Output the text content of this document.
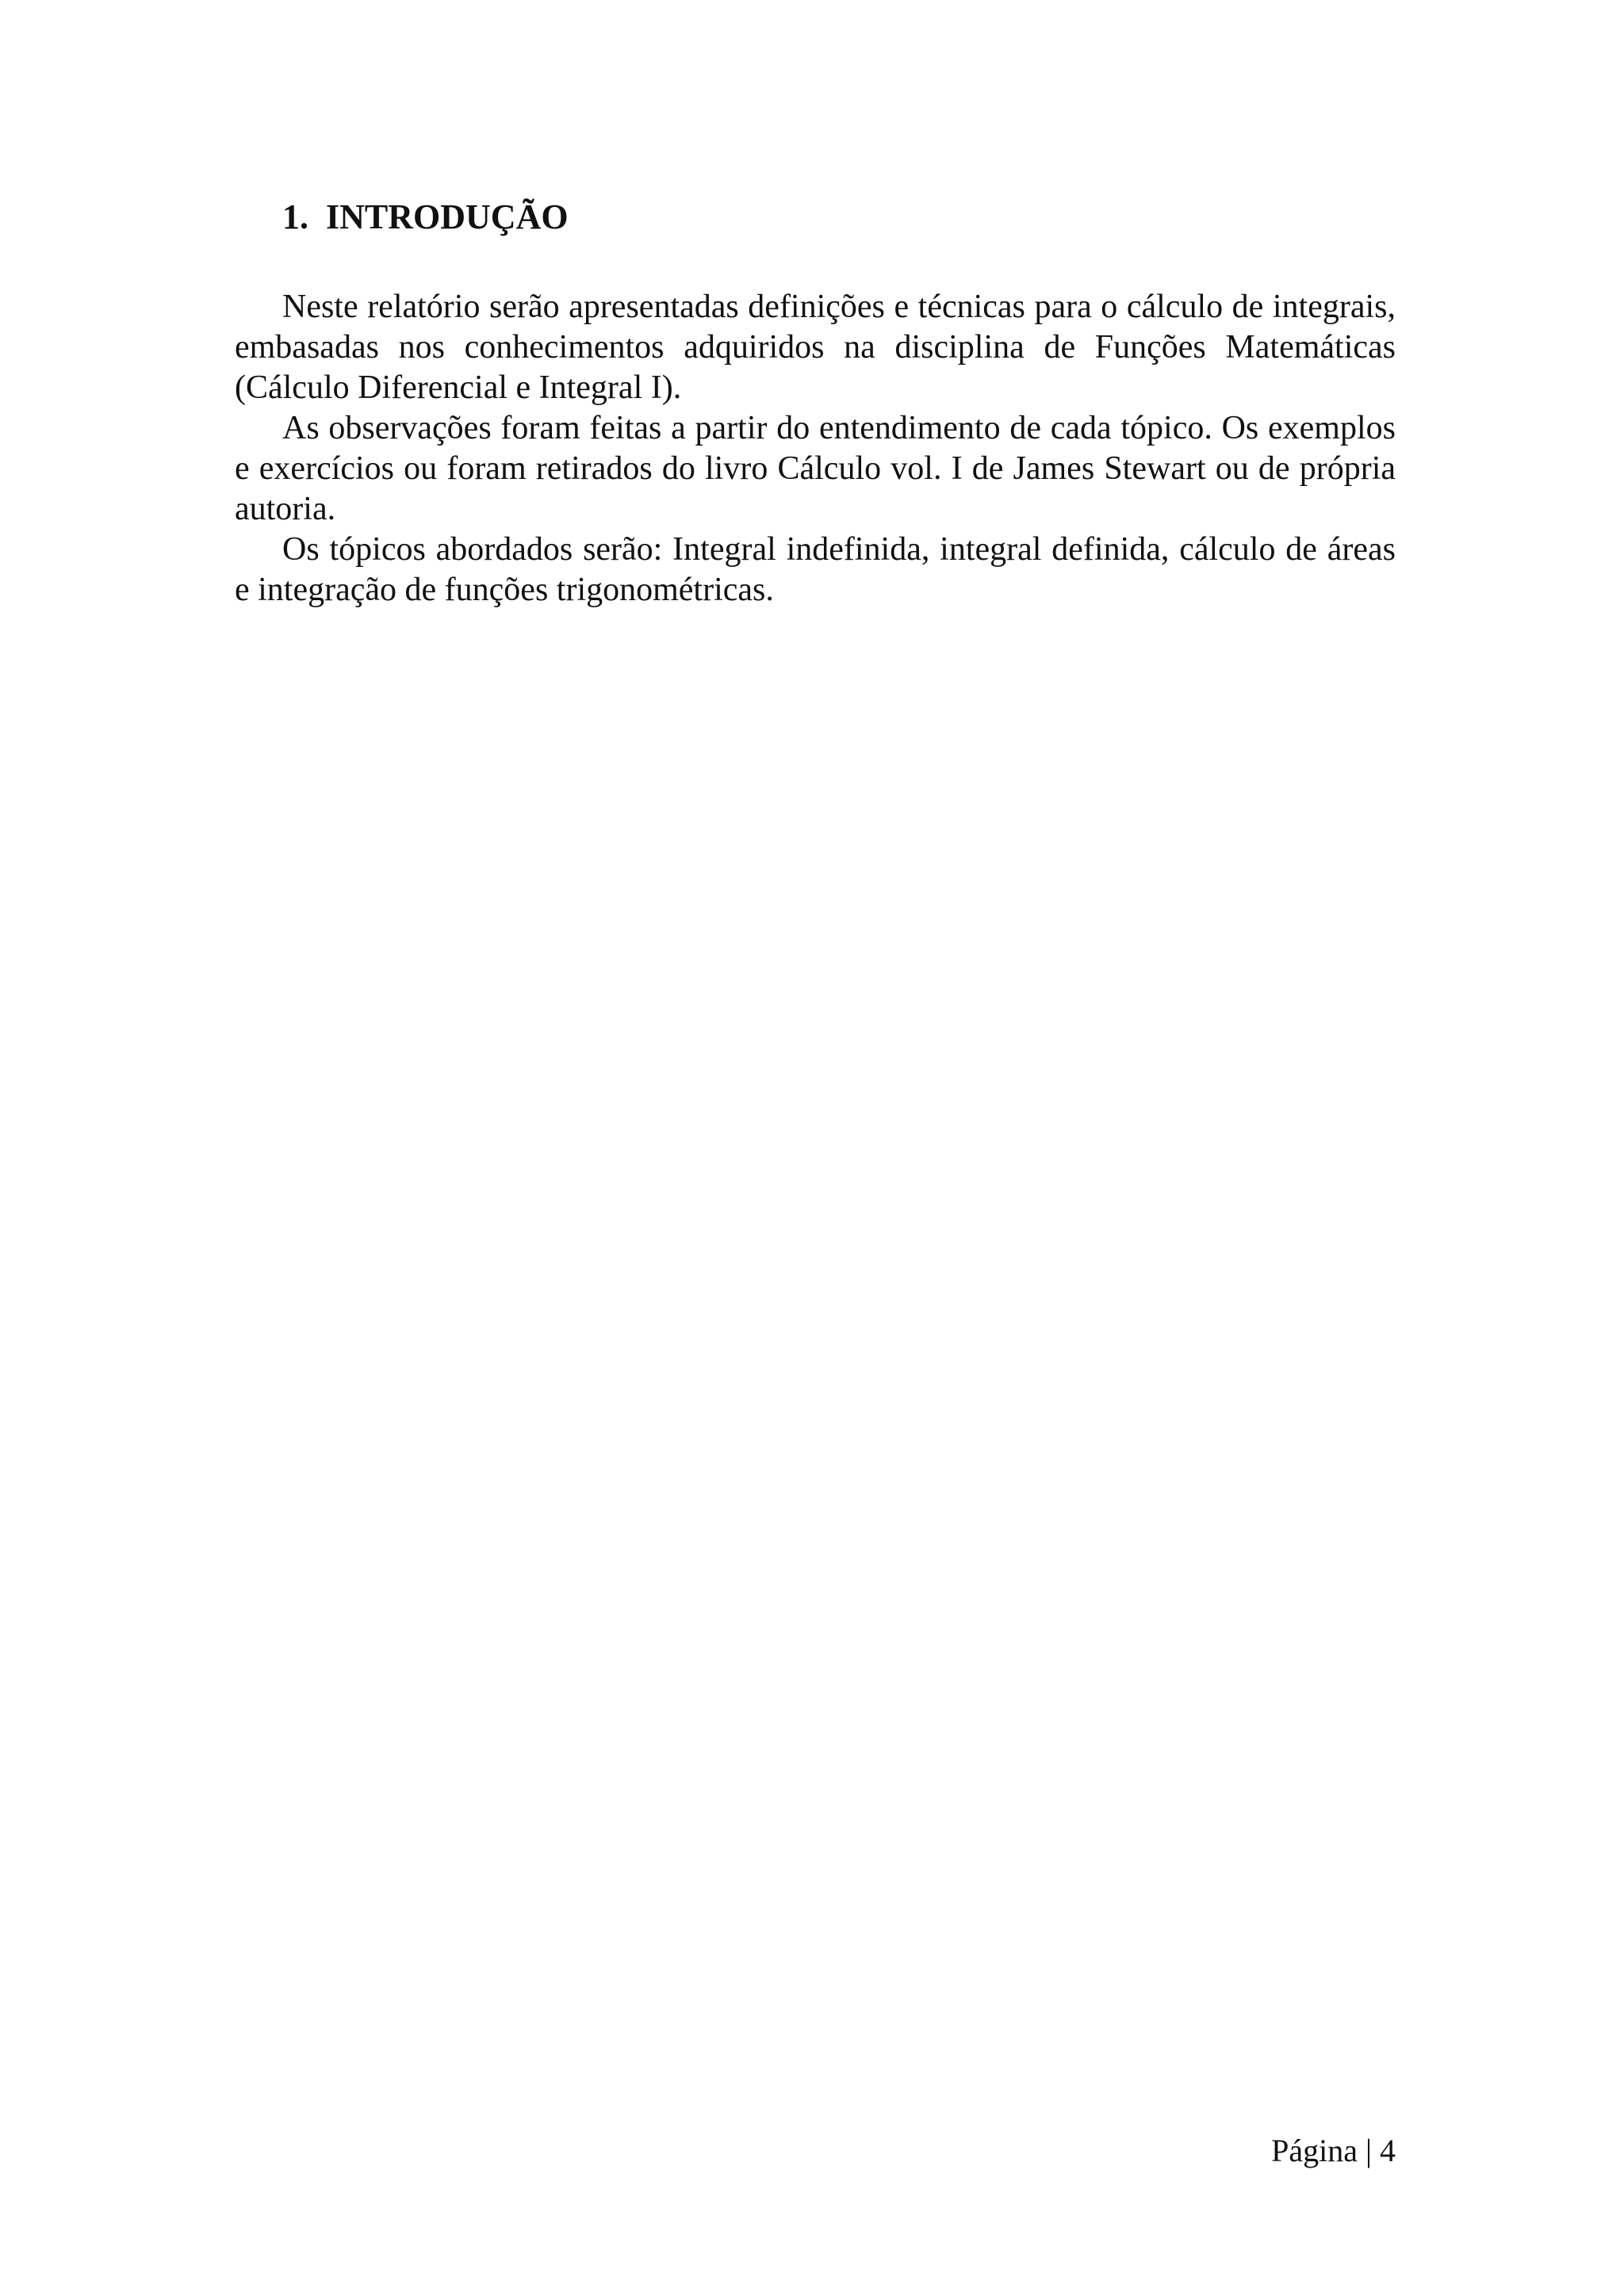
1. INTRODUÇÃO

Neste relatório serão apresentadas definições e técnicas para o cálculo de integrais, embasadas nos conhecimentos adquiridos na disciplina de Funções Matemáticas (Cálculo Diferencial e Integral I).

As observações foram feitas a partir do entendimento de cada tópico. Os exemplos e exercícios ou foram retirados do livro Cálculo vol. I de James Stewart ou de própria autoria.

Os tópicos abordados serão: Integral indefinida, integral definida, cálculo de áreas e integração de funções trigonométricas.

Página | 4
